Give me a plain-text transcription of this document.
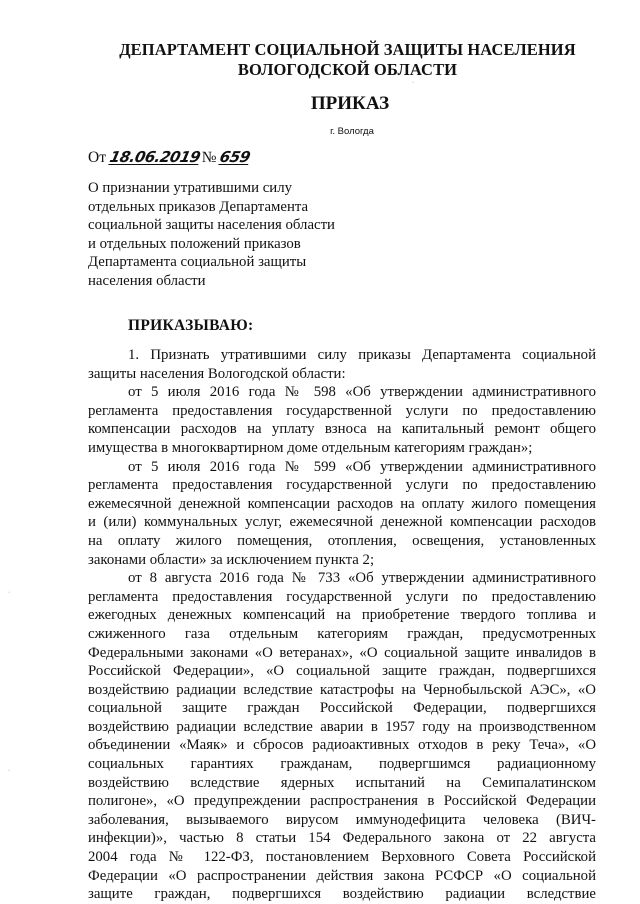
ДЕПАРТАМЕНТ СОЦИАЛЬНОЙ ЗАЩИТЫ НАСЕЛЕНИЯ
ВОЛОГОДСКОЙ ОБЛАСТИ
ПРИКАЗ
г. Вологда
От 18.06.2019 № 659
О признании утратившими силу
отдельных приказов Департамента
социальной защиты населения области
и отдельных положений приказов
Департамента социальной защиты
населения области
ПРИКАЗЫВАЮ:
1. Признать утратившими силу приказы Департамента социальной
защиты населения Вологодской области:
от 5 июля 2016 года № 598 «Об утверждении административного
регламента предоставления государственной услуги по предоставлению
компенсации расходов на уплату взноса на капитальный ремонт общего
имущества в многоквартирном доме отдельным категориям граждан»;
от 5 июля 2016 года № 599 «Об утверждении административного
регламента предоставления государственной услуги по предоставлению
ежемесячной денежной компенсации расходов на оплату жилого помещения
и (или) коммунальных услуг, ежемесячной денежной компенсации расходов
на оплату жилого помещения, отопления, освещения, установленных
законами области» за исключением пункта 2;
от 8 августа 2016 года № 733 «Об утверждении административного
регламента предоставления государственной услуги по предоставлению
ежегодных денежных компенсаций на приобретение твердого топлива и
сжиженного газа отдельным категориям граждан, предусмотренных
Федеральными законами «О ветеранах», «О социальной защите инвалидов в
Российской Федерации», «О социальной защите граждан, подвергшихся
воздействию радиации вследствие катастрофы на Чернобыльской АЭС», «О
социальной защите граждан Российской Федерации, подвергшихся
воздействию радиации вследствие аварии в 1957 году на производственном
объединении «Маяк» и сбросов радиоактивных отходов в реку Теча», «О
социальных гарантиях гражданам, подвергшимся радиационному
воздействию вследствие ядерных испытаний на Семипалатинском
полигоне», «О предупреждении распространения в Российской Федерации
заболевания, вызываемого вирусом иммунодефицита человека (ВИЧ-
инфекции)», частью 8 статьи 154 Федерального закона от 22 августа
2004 года № 122-ФЗ, постановлением Верховного Совета Российской
Федерации «О распространении действия закона РСФСР «О социальной
защите граждан, подвергшихся воздействию радиации вследствие
·
·
·
